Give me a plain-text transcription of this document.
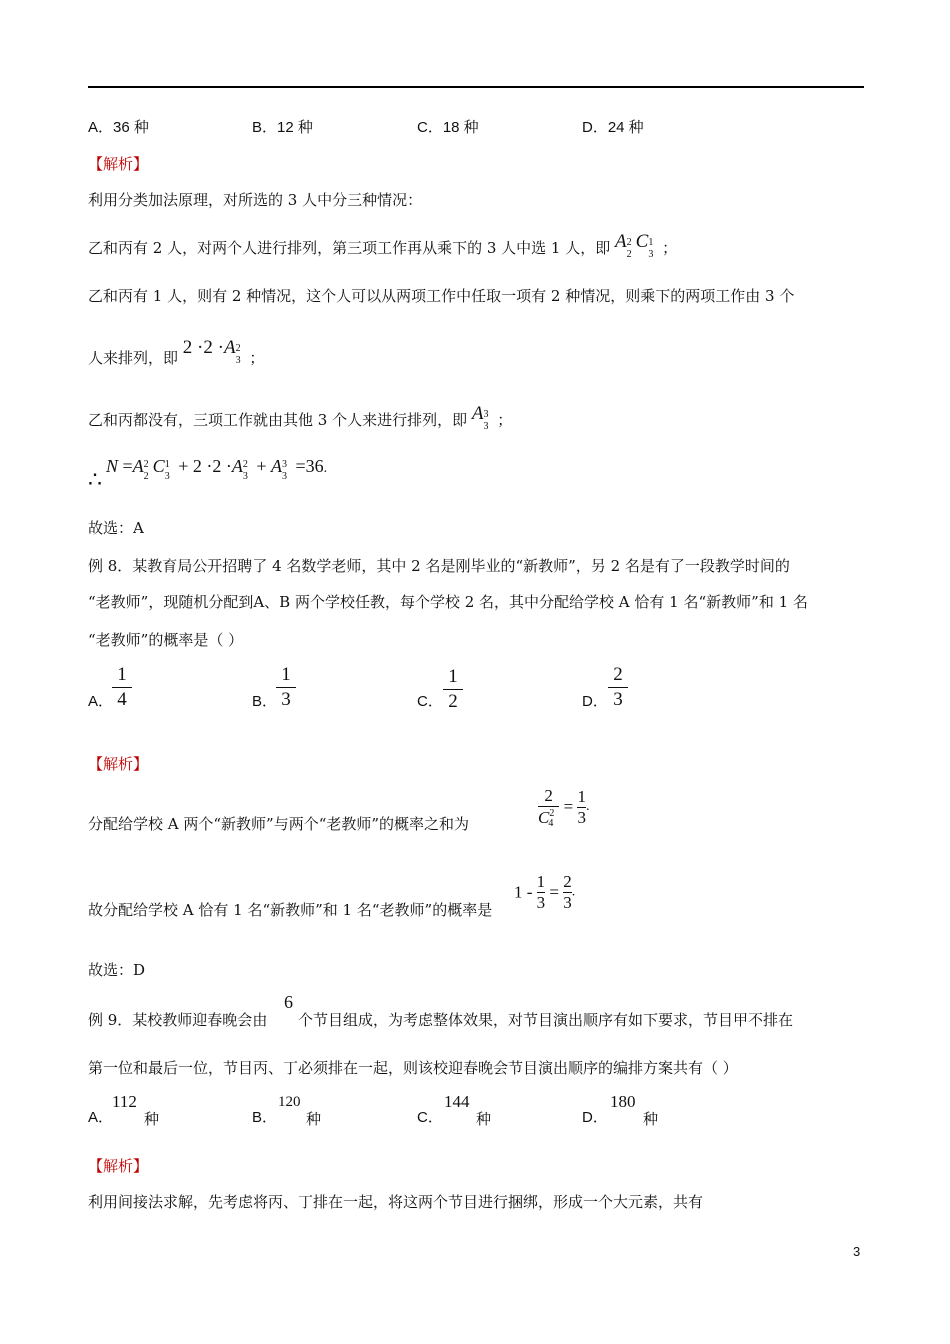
A．36 种	B．12 种	C．18 种	D．24 种
【解析】
利用分类加法原理，对所选的 3 人中分三种情况：
乙和丙有 2 人，对两个人进行排列，第三项工作再从乘下的 3 人中选 1 人，即 A 2
2
C 1
3 ；
乙和丙有 1 人，则有 2 种情况，这个人可以从两项工作中任取一项有 2 种情况，则乘下的两项工作由 3 个
人来排列，即 2 ·2 ·A 2
3 ；
乙和丙都没有，三项工作就由其他 3 个人来进行排列，即 A 3
3 ；
∴
N =A 2
2
C 1
3
+ 2 ·2 ·A 2
3
+ A 3
3
=36.
故选：A
例 8．某教育局公开招聘了 4 名数学老师，其中 2 名是刚毕业的“新教师”，另 2 名是有了一段教学时间的
“老教师”，现随机分配到A、B 两个学校任教，每个学校 2 名，其中分配给学校 A 恰有 1 名“新教师”和 1 名
“老教师”的概率是（ ）
A．
1
4	B．
1
3	C．
1
2	D．
2
3
【解析】
分配给学校 A 两个“新教师”与两个“老教师”的概率之和为	$\frac{2}{C^24} = \frac{1}{3}$ .
故分配给学校 A 恰有 1 名“新教师”和 1 名“老教师”的概率是
$1 - \frac{1}{3} = \frac{2}{3}$ .
故选：D
例 9．某校教师迎春晚会由
6
个节目组成，为考虑整体效果，对节目演出顺序有如下要求，节目甲不排在
第一位和最后一位，节目丙、丁必须排在一起，则该校迎春晚会节目演出顺序的编排方案共有（ ）
A．
112
种	B．
120
种	C．
144
种	D．
180
种
【解析】
利用间接法求解，先考虑将丙、丁排在一起，将这两个节目进行捆绑，形成一个大元素，共有
3
